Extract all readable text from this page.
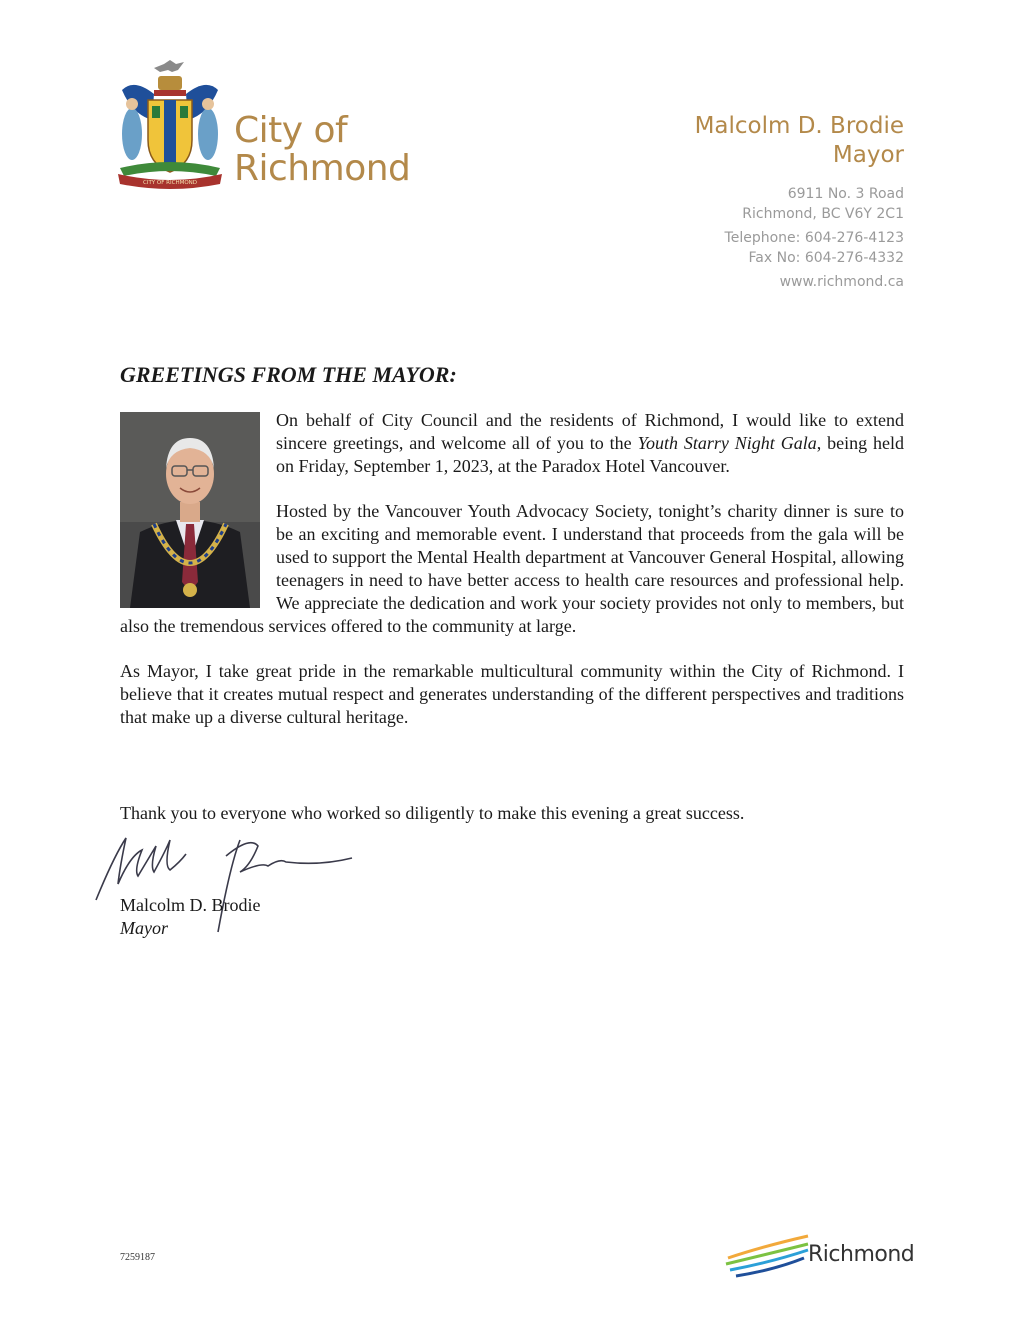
CITY OF RICHMOND
City of
Richmond
Malcolm D. Brodie
Mayor
6911 No. 3 Road
Richmond, BC V6Y 2C1
Telephone: 604-276-4123
Fax No: 604-276-4332
www.richmond.ca
GREETINGS FROM THE MAYOR:

On behalf of City Council and the residents of Richmond, I would like to extend sincere greetings, and welcome all of you to the Youth Starry Night Gala, being held on Friday, September 1, 2023, at the Paradox Hotel Vancouver.

Hosted by the Vancouver Youth Advocacy Society, tonight’s charity dinner is sure to be an exciting and memorable event. I understand that proceeds from the gala will be used to support the Mental Health department at Vancouver General Hospital, allowing teenagers in need to have better access to health care resources and professional help. We appreciate the dedication and work your society provides not only to members, but also the tremendous services offered to the community at large.

As Mayor, I take great pride in the remarkable multicultural community within the City of Richmond. I believe that it creates mutual respect and generates understanding of the different perspectives and traditions that make up a diverse cultural heritage.

Thank you to everyone who worked so diligently to make this evening a great success.
Malcolm D. Brodie
Mayor
7259187	Richmond
